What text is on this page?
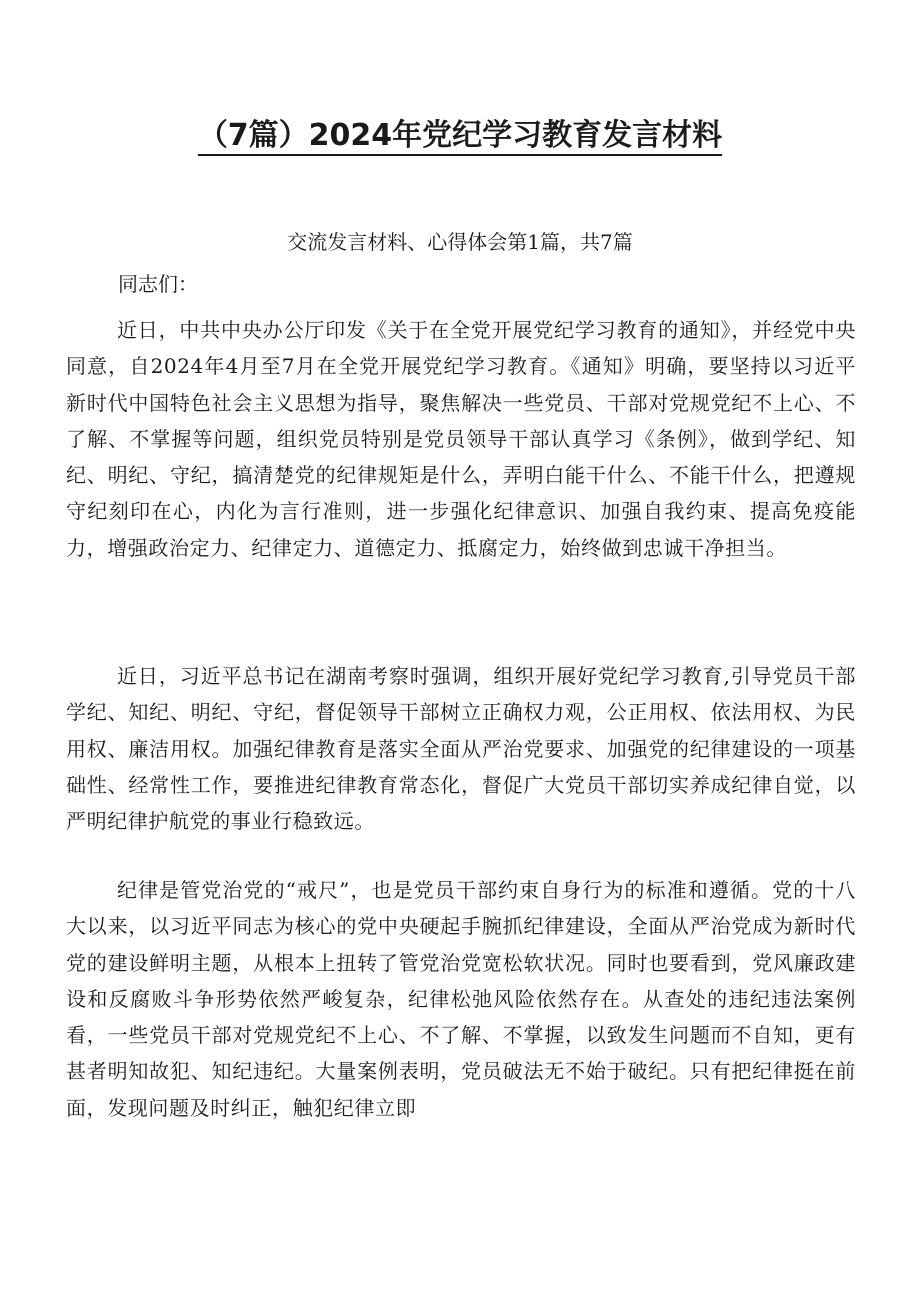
（7篇）2024年党纪学习教育发言材料

交流发言材料、心得体会第1篇，共7篇

同志们：

近日，中共中央办公厅印发《关于在全党开展党纪学习教育的通知》，并经党中央同意，自2024年4月至7月在全党开展党纪学习教育。《通知》明确，要坚持以习近平新时代中国特色社会主义思想为指导，聚焦解决一些党员、干部对党规党纪不上心、不了解、不掌握等问题，组织党员特别是党员领导干部认真学习《条例》，做到学纪、知纪、明纪、守纪，搞清楚党的纪律规矩是什么，弄明白能干什么、不能干什么，把遵规守纪刻印在心，内化为言行准则，进一步强化纪律意识、加强自我约束、提高免疫能力，增强政治定力、纪律定力、道德定力、抵腐定力，始终做到忠诚干净担当。

近日，习近平总书记在湖南考察时强调，组织开展好党纪学习教育,引导党员干部学纪、知纪、明纪、守纪，督促领导干部树立正确权力观，公正用权、依法用权、为民用权、廉洁用权。加强纪律教育是落实全面从严治党要求、加强党的纪律建设的一项基础性、经常性工作，要推进纪律教育常态化，督促广大党员干部切实养成纪律自觉，以严明纪律护航党的事业行稳致远。

纪律是管党治党的“戒尺”，也是党员干部约束自身行为的标准和遵循。党的十八大以来，以习近平同志为核心的党中央硬起手腕抓纪律建设，全面从严治党成为新时代党的建设鲜明主题，从根本上扭转了管党治党宽松软状况。同时也要看到，党风廉政建设和反腐败斗争形势依然严峻复杂，纪律松弛风险依然存在。从查处的违纪违法案例看，一些党员干部对党规党纪不上心、不了解、不掌握，以致发生问题而不自知，更有甚者明知故犯、知纪违纪。大量案例表明，党员破法无不始于破纪。只有把纪律挺在前面，发现问题及时纠正，触犯纪律立即
